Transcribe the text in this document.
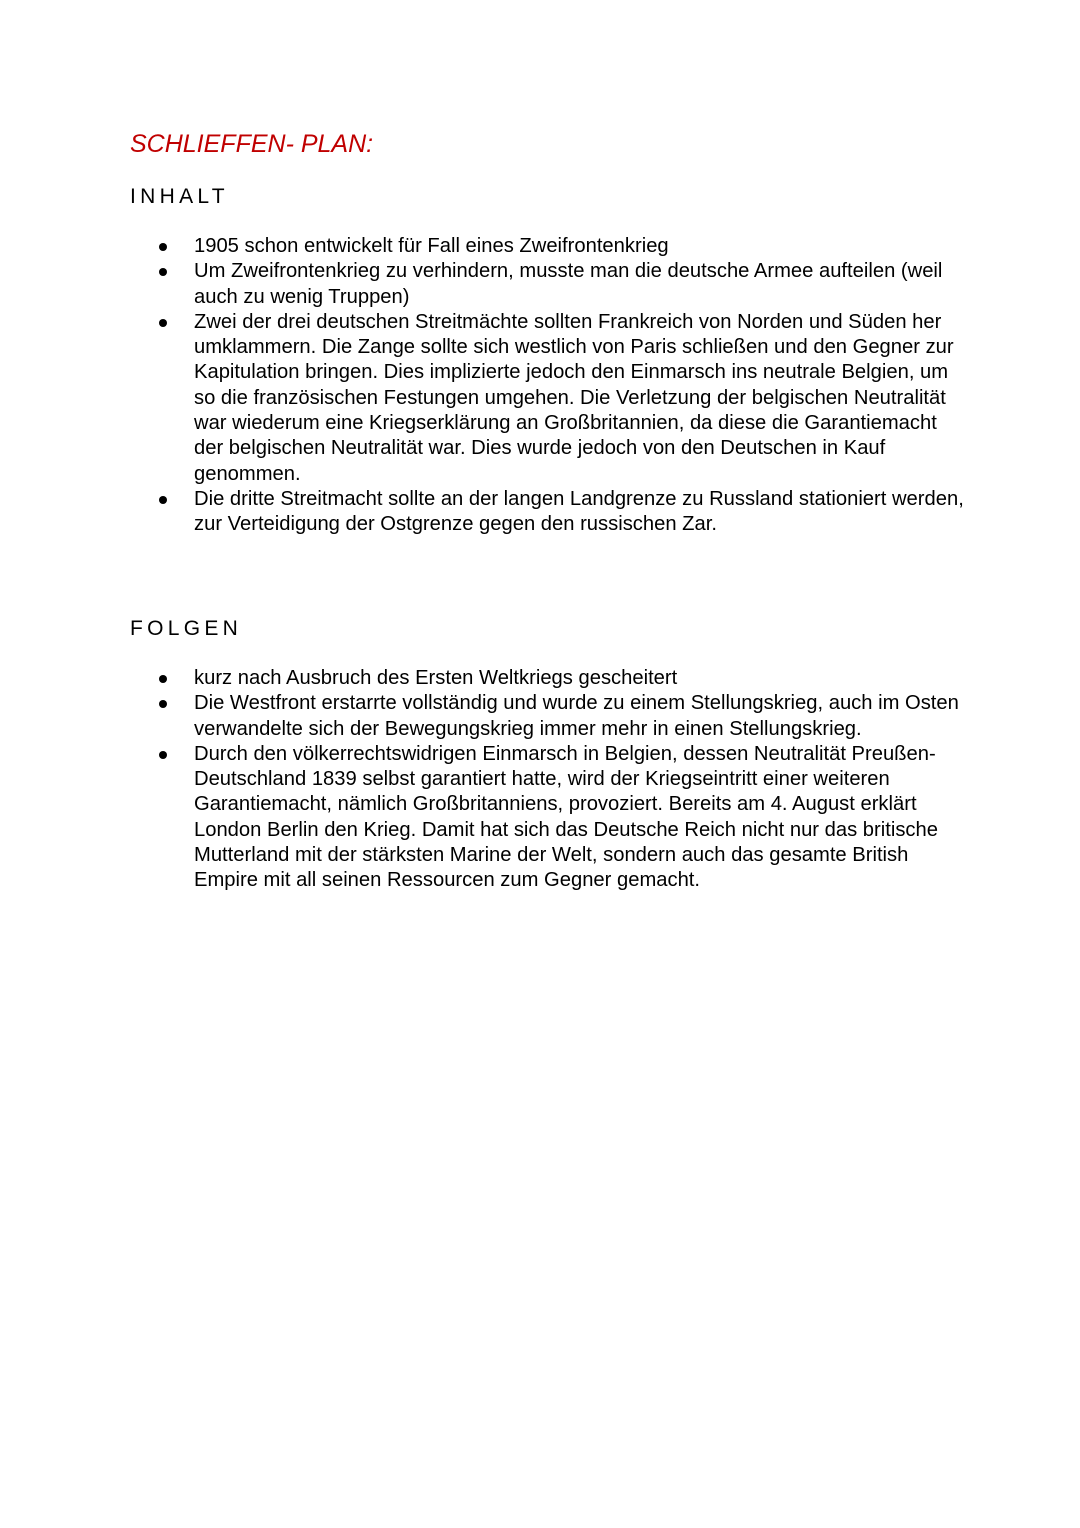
SCHLIEFFEN- PLAN:
INHALT
1905 schon entwickelt für Fall eines Zweifrontenkrieg
Um Zweifrontenkrieg zu verhindern, musste man die deutsche Armee aufteilen (weil auch zu wenig Truppen)
Zwei der drei deutschen Streitmächte sollten Frankreich von Norden und Süden her umklammern. Die Zange sollte sich westlich von Paris schließen und den Gegner zur Kapitulation bringen. Dies implizierte jedoch den Einmarsch ins neutrale Belgien, um so die französischen Festungen umgehen. Die Verletzung der belgischen Neutralität war wiederum eine Kriegserklärung an Großbritannien, da diese die Garantiemacht der belgischen Neutralität war. Dies wurde jedoch von den Deutschen in Kauf genommen.
Die dritte Streitmacht sollte an der langen Landgrenze zu Russland stationiert werden, zur Verteidigung der Ostgrenze gegen den russischen Zar.
FOLGEN
kurz nach Ausbruch des Ersten Weltkriegs gescheitert
Die Westfront erstarrte vollständig und wurde zu einem Stellungskrieg, auch im Osten verwandelte sich der Bewegungskrieg immer mehr in einen Stellungskrieg.
Durch den völkerrechtswidrigen Einmarsch in Belgien, dessen Neutralität Preußen-Deutschland 1839 selbst garantiert hatte, wird der Kriegseintritt einer weiteren Garantiemacht, nämlich Großbritanniens, provoziert. Bereits am 4. August erklärt London Berlin den Krieg. Damit hat sich das Deutsche Reich nicht nur das britische Mutterland mit der stärksten Marine der Welt, sondern auch das gesamte British Empire mit all seinen Ressourcen zum Gegner gemacht.
